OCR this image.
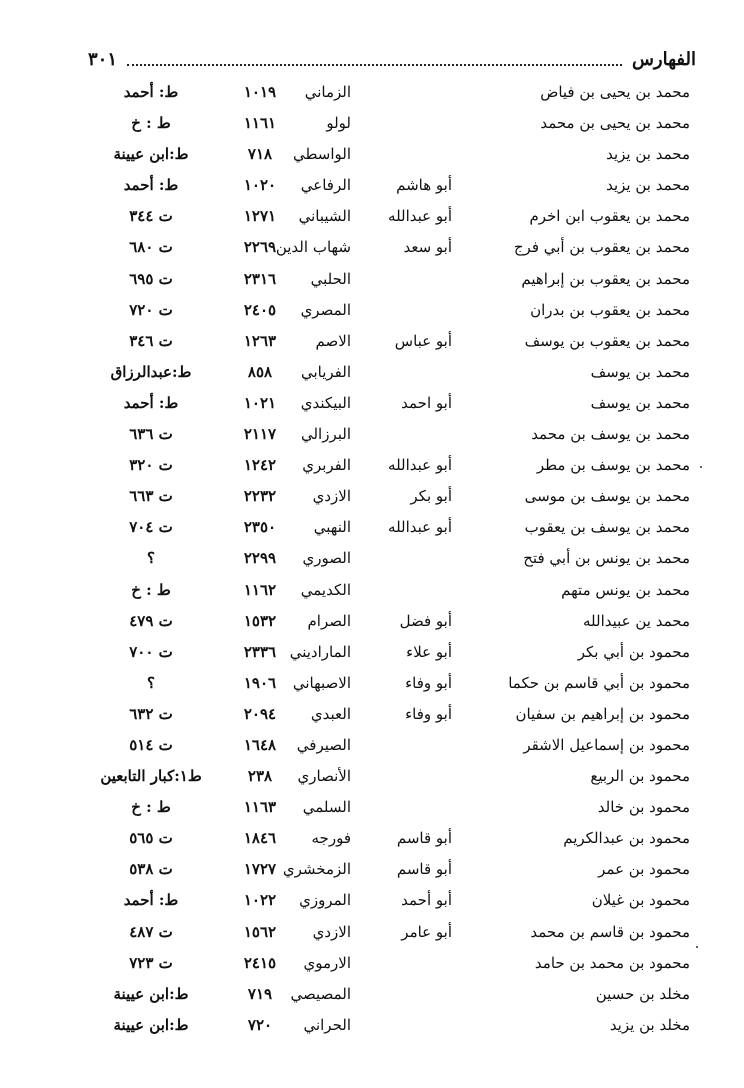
الفهارس
٣٠١
محمد بن يحيى بن فياض
الزماني
١٠١٩
ط: أحمد
محمد بن يحيى بن محمد
لولو
١١٦١
ط : خ
محمد بن يزيد
الواسطي
٧١٨
ط:ابن عيينة
محمد بن يزيد
أبو هاشم
الرفاعي
١٠٢٠
ط: أحمد
محمد بن يعقوب ابن اخرم
أبو عبدالله
الشيباني
١٢٧١
ت ٣٤٤
محمد بن يعقوب بن أبي فرج
أبو سعد
شهاب الدين
٢٢٦٩
ت ٦٨٠
محمد بن يعقوب بن إبراهيم
الحلبي
٢٣١٦
ت ٦٩٥
محمد بن يعقوب بن بدران
المصري
٢٤٠٥
ت ٧٢٠
محمد بن يعقوب بن يوسف
أبو عباس
الاصم
١٢٦٣
ت ٣٤٦
محمد بن يوسف
الفريابي
٨٥٨
ط:عبدالرزاق
محمد بن يوسف
أبو احمد
البيكندي
١٠٢١
ط: أحمد
محمد بن يوسف بن محمد
البرزالي
٢١١٧
ت ٦٣٦
محمد بن يوسف بن مطر
أبو عبدالله
الفربري
١٢٤٢
ت ٣٢٠
محمد بن يوسف بن موسى
أبو بكر
الازدي
٢٢٣٢
ت ٦٦٣
محمد بن يوسف بن يعقوب
أبو عبدالله
النهبي
٢٣٥٠
ت ٧٠٤
محمد بن يونس بن أبي فتح
الصوري
٢٢٩٩
؟
محمد بن يونس متهم
الكديمي
١١٦٢
ط : خ
محمد ين عبيدالله
أبو فضل
الصرام
١٥٣٢
ت ٤٧٩
محمود بن أبي بكر
أبو علاء
الماراديني
٢٣٣٦
ت ٧٠٠
محمود بن أبي قاسم بن حكما
أبو وفاء
الاصبهاني
١٩٠٦
؟
محمود بن إبراهيم بن سفيان
أبو وفاء
العبدي
٢٠٩٤
ت ٦٣٢
محمود بن إسماعيل الاشقر
الصيرفي
١٦٤٨
ت ٥١٤
محمود بن الربيع
الأنصاري
٢٣٨
ط١:كبار التابعين
محمود بن خالد
السلمي
١١٦٣
ط : خ
محمود بن عبدالكريم
أبو قاسم
فورجه
١٨٤٦
ت ٥٦٥
محمود بن عمر
أبو قاسم
الزمخشري
١٧٢٧
ت ٥٣٨
محمود بن غيلان
أبو أحمد
المروزي
١٠٢٢
ط: أحمد
محمود بن قاسم بن محمد
أبو عامر
الازدي
١٥٦٢
ت ٤٨٧
محمود بن محمد بن حامد
الارموي
٢٤١٥
ت ٧٢٣
مخلد بن حسين
المصيصي
٧١٩
ط:ابن عيينة
مخلد بن يزيد
الحراني
٧٢٠
ط:ابن عيينة
